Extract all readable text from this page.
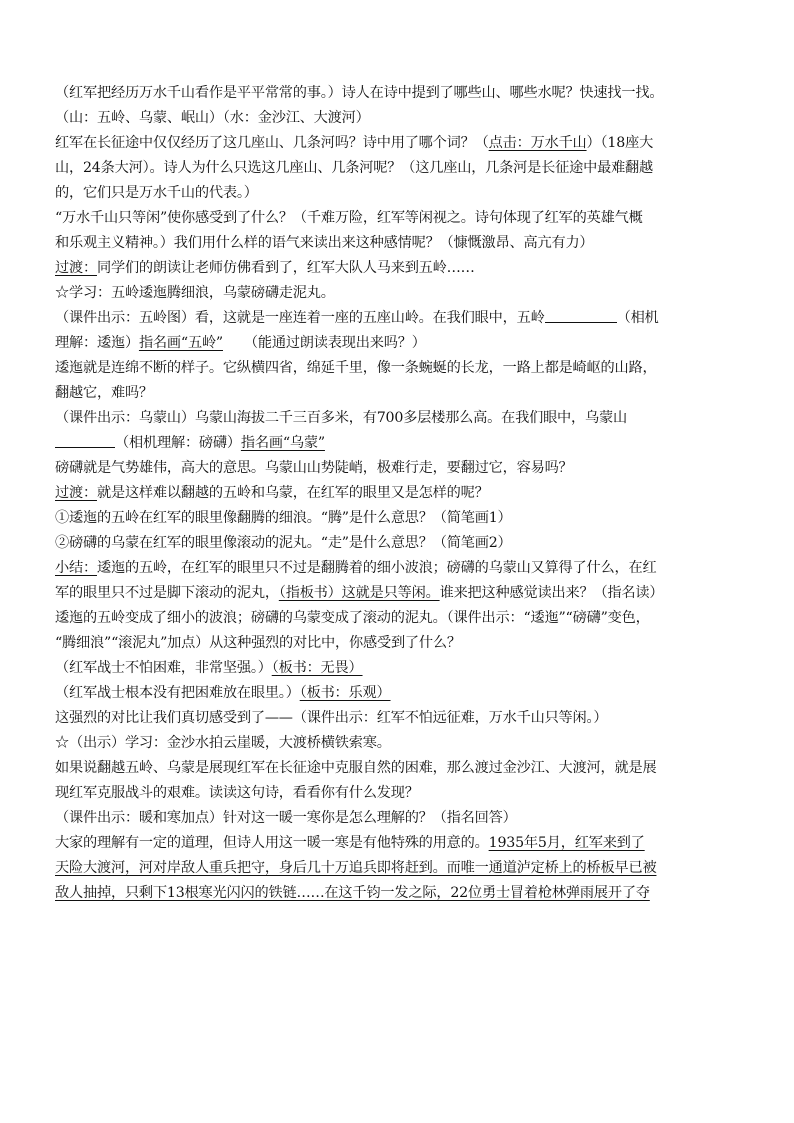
（红军把经历万水千山看作是平平常常的事。）诗人在诗中提到了哪些山、哪些水呢？快速找一找。
（山：五岭、乌蒙、岷山）（水：金沙江、大渡河）
红军在长征途中仅仅经历了这几座山、几条河吗？诗中用了哪个词？（点击：万水千山）（18座大
山，24条大河）。诗人为什么只选这几座山、几条河呢？（这几座山，几条河是长征途中最难翻越
的，它们只是万水千山的代表。）
“万水千山只等闲”使你感受到了什么？（千难万险，红军等闲视之。诗句体现了红军的英雄气概
和乐观主义精神。）我们用什么样的语气来读出来这种感情呢？（慷慨激昂、高亢有力）
过渡：同学们的朗读让老师仿佛看到了，红军大队人马来到五岭……
☆学习：五岭逶迤腾细浪，乌蒙磅礴走泥丸。
（课件出示：五岭图）看，这就是一座连着一座的五座山岭。在我们眼中，五岭	（相机
理解：逶迤）指名画“五岭”　　（能通过朗读表现出来吗？）
逶迤就是连绵不断的样子。它纵横四省，绵延千里，像一条蜿蜒的长龙，一路上都是崎岖的山路，
翻越它，难吗？
（课件出示：乌蒙山）乌蒙山海拔二千三百多米，有700多层楼那么高。在我们眼中，乌蒙山
（相机理解：磅礴）指名画“乌蒙”
磅礴就是气势雄伟，高大的意思。乌蒙山山势陡峭，极难行走，要翻过它，容易吗？
过渡：就是这样难以翻越的五岭和乌蒙，在红军的眼里又是怎样的呢？
①逶迤的五岭在红军的眼里像翻腾的细浪。“腾”是什么意思？（简笔画1）
②磅礴的乌蒙在红军的眼里像滚动的泥丸。“走”是什么意思？（简笔画2）
小结：逶迤的五岭，在红军的眼里只不过是翻腾着的细小波浪；磅礴的乌蒙山又算得了什么，在红
军的眼里只不过是脚下滚动的泥丸，（指板书）这就是只等闲。谁来把这种感觉读出来？（指名读）
逶迤的五岭变成了细小的波浪；磅礴的乌蒙变成了滚动的泥丸。（课件出示：“逶迤”“磅礴”变色，
“腾细浪”“滚泥丸”加点）从这种强烈的对比中，你感受到了什么？
（红军战士不怕困难，非常坚强。）（板书：无畏）
（红军战士根本没有把困难放在眼里。）（板书：乐观）
这强烈的对比让我们真切感受到了——（课件出示：红军不怕远征难，万水千山只等闲。）
☆（出示）学习：金沙水拍云崖暖，大渡桥横铁索寒。
如果说翻越五岭、乌蒙是展现红军在长征途中克服自然的困难，那么渡过金沙江、大渡河，就是展
现红军克服战斗的艰难。读读这句诗，看看你有什么发现？
（课件出示：暖和寒加点）针对这一暖一寒你是怎么理解的？（指名回答）
大家的理解有一定的道理，但诗人用这一暖一寒是有他特殊的用意的。1935年5月，红军来到了
天险大渡河，河对岸敌人重兵把守，身后几十万追兵即将赶到。而唯一通道泸定桥上的桥板早已被
敌人抽掉，只剩下13根寒光闪闪的铁链……在这千钧一发之际，22位勇士冒着枪林弹雨展开了夺
